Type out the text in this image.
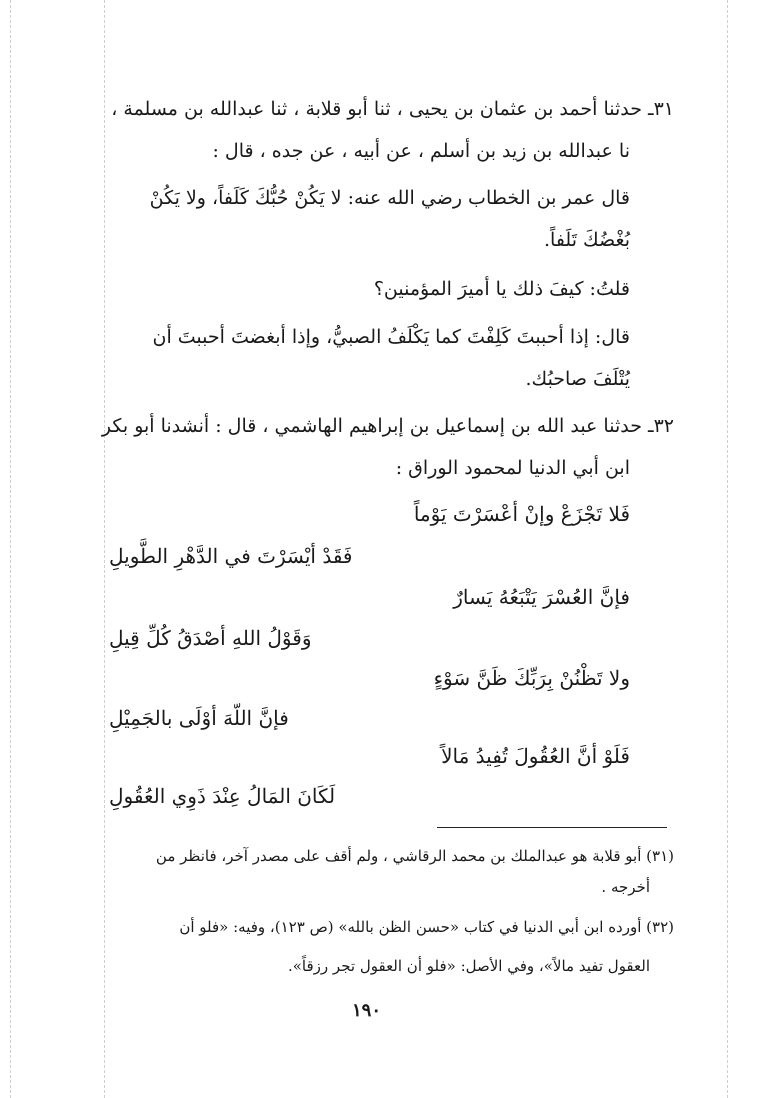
٣١ـ حدثنا أحمد بن عثمان بن يحيى ، ثنا أبو قلابة ، ثنا عبدالله بن مسلمة ،
نا عبدالله بن زيد بن أسلم ، عن أبيه ، عن جده ، قال :
قال عمر بن الخطاب رضي الله عنه: لا يَكُنْ حُبُّكَ كَلَفاً، ولا يَكُنْ
بُغْضُكَ تَلَفاً.
قلتُ: كيفَ ذلك يا أميرَ المؤمنين؟
قال: إذا أحببتَ كَلِفْتَ كما يَكْلَفُ الصبيُّ، وإذا أبغضتَ أحببتَ أن
يُتْلَفَ صاحبُك.
٣٢ـ حدثنا عبد الله بن إسماعيل بن إبراهيم الهاشمي ، قال : أنشدنا أبو بكر
ابن أبي الدنيا لمحمود الوراق :
فَلا تَجْزَعْ وإنْ أعْسَرْتَ يَوْماً
فَقَدْ أيْسَرْتَ في الدَّهْرِ الطَّويلِ
فإنَّ العُسْرَ يَتْبَعُهُ يَسارٌ
وَقَوْلُ اللهِ أصْدَقُ كُلِّ قِيلِ
ولا تَظْنُنْ بِرَبِّكَ ظَنَّ سَوْءٍ
فإنَّ اللّهَ أوْلَى بالجَمِيْلِ
فَلَوْ أنَّ العُقُولَ تُفِيدُ مَالاً
لَكَانَ المَالُ عِنْدَ ذَوِي العُقُولِ
(٣١) أبو قلابة هو عبدالملك بن محمد الرقاشي ، ولم أقف على مصدر آخر، فانظر من
أخرجه .
(٣٢) أورده ابن أبي الدنيا في كتاب «حسن الظن بالله» (ص ١٢٣)، وفيه: «فلو أن
العقول تفيد مالاً»، وفي الأصل: «فلو أن العقول تجر رزقاً».
١٩٠
